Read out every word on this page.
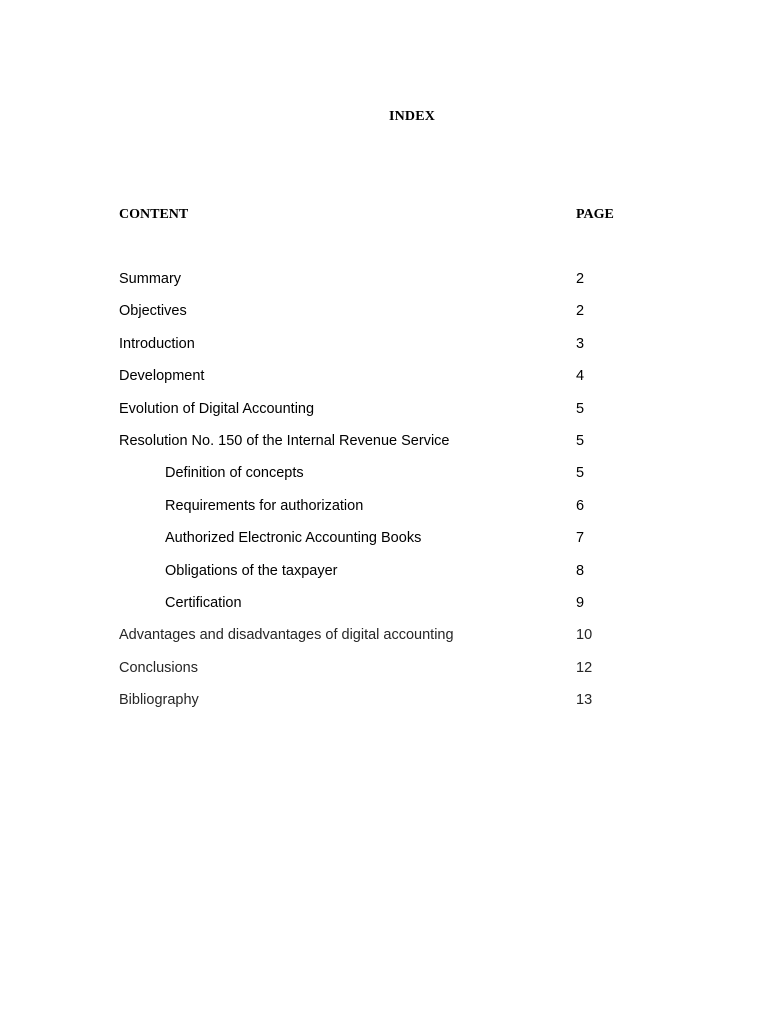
INDEX
CONTENT	PAGE
Summary	2
Objectives	2
Introduction	3
Development	4
Evolution of Digital Accounting	5
Resolution No. 150 of the Internal Revenue Service	5
Definition of concepts	5
Requirements for authorization	6
Authorized Electronic Accounting Books	7
Obligations of the taxpayer	8
Certification	9
Advantages and disadvantages of digital accounting	10
Conclusions	12
Bibliography	13
